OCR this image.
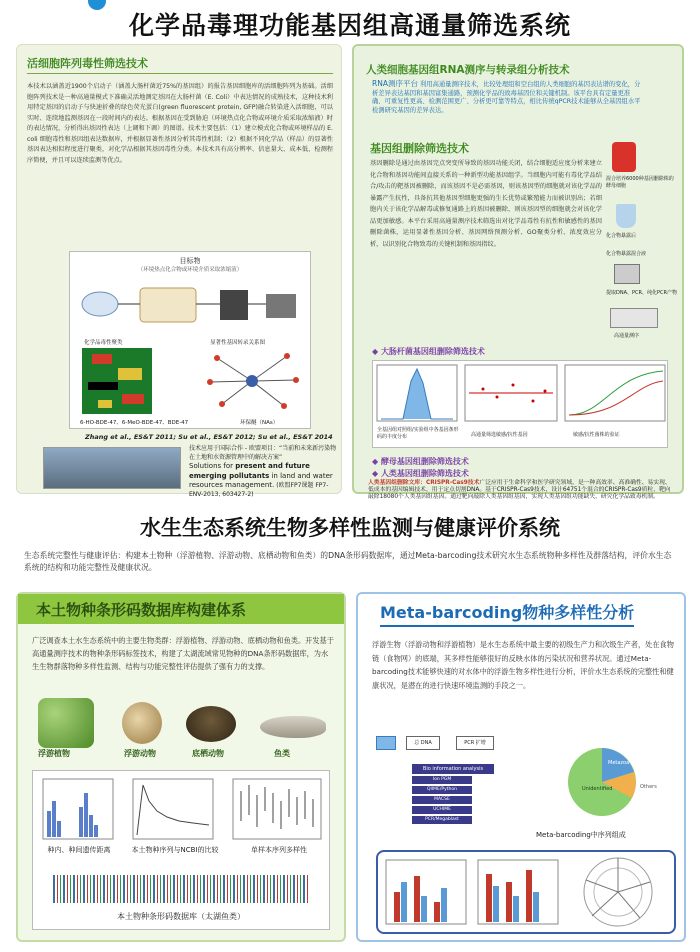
化学品毒理功能基因组高通量筛选系统
活细胞阵列毒性筛选技术
本技术以涵盖近1900个启动子（涵盖大肠杆菌近75%的基因组）的报告基因细胞库的活细胞阵列为基础。活细胞阵列技术是一种高通量模式下准确灵活地测定基因在大肠杆菌（E. Coli）中表达情况的成熟技术，这种技术利用特定基因的启动子与快速折叠的绿色荧光蛋白(green fluorescent protein, GFP)融合转染进入活细胞，可以实时、连续地监测基因在一段时间内的表达。根据基因在受到胁迫（环境热点化合物或环境介质采取浓缩液）时的表达情况，分析得出基因性表达（上调和下调）的图谱。技术主要包括：（1）建立模式化合物或环境样品的 E. coli 细胞毒性和基因组表达数据库，并根据显著性基因分析其毒性机制；（2）根据不同化学品（样品）的显著性基因表达相似程度进行聚类，对化学品根据其基因毒性分类。本技术具有高分辨率、信息量大、成本低、检测程序简便，并且可以连续监测等优点。
目标物
（环境热点化合物或环境介质采取浓缩液）
化学品毒性聚类	显著性基因转录关系图
6-HO-BDE-47、6-MeO-BDE-47、BDE-47	环保醚（NAs）
Zhang et al., ES&T 2011; Su et al., ES&T 2012; Su et al., ES&T 2014
技术应用于国际合作 - 欧盟项目：“当前和未来新污染物在土地和水资源管理中的解决方案”
Solutions for present and future emerging pollutants in land and water resources management. (欧盟FP7课题 FP7-ENV-2013, 603427-2)
人类细胞基因组RNA测序与转录组分析技术
RNA测序平台 利用高通量测序技术，比较处理组和空白组的人类细胞的基因表达谱的变化，分析差异表达基因和基因富集通路，预测化学品的致毒基因位和关键机制。该平台具有定量更准确、可重复性更高、检测范围更广、分析更可靠等特点，相比传统qPCR技术能够从全基因组水平检测研究基因的差异表达。
基因组删除筛选技术
基因删除是通过由基因完点突变所导致的基因功能关闭，结合细胞适应度分析来建立化合物和基因功能间直接关系的一种新型功能基因组学。当细胞内可能有毒化学品结合/攻击的靶基因被删除，而该基因不是必需基因，则该基因型的细胞就对该化学品的暴露产生抗性，具备抗其他基因型细胞更强的生长优势或繁殖能力而被识别出；若细胞内关于该化学品解毒或修复通路上的基因被删除，则该基因型的细胞就会对该化学品更加敏感。本平台采用高通量测序技术筛选出对化学品毒性有抗性和敏感性的基因删除菌株，运用显著性基因分析、基因网络预测分析、GO聚类分析、浓度效应分析，以识别化合物致毒的关键机制和基因指纹。
混合培养6000种基因删除株的酵母细胞
化合物暴露后
化合物暴露混合液
提取DNA、PCR、纯化PCR产物
高通量测序
◆ 大肠杆菌基因组删除筛选技术
全基因组对照组/实验组中各基因条形码的丰度分布	高通量筛选敏感/抗性基因	敏感/抗性菌株的验证
◆ 酵母基因组删除筛选技术
◆ 人类基因组删除筛选技术
人类基因组删除文库：CRISPR-Cas9技术广泛应用于生命科学和医学研究领域，是一种高效率、高准确性、易实现、低成本的基因编辑技术，用于定点切割DNA。基于CRISPR-Cas9技术，设计64751个混合的CRISPR-Cas9质粒，靶向敲除18080个人类基因组基因。通过靶向敲除人类基因组基因，实现人类基因组功能缺失，研究化学品致毒机制。
水生生态系统生物多样性监测与健康评价系统
生态系统完整性与健康评估：构建本土物种（浮游植物、浮游动物、底栖动物和鱼类）的DNA条形码数据库，通过Meta-barcoding技术研究水生态系统物种多样性及群落结构，评价水生态系统的结构和功能完整性及健康状况。
本土物种条形码数据库构建体系
广泛调查本土水生态系统中的主要生物类群：浮游植物、浮游动物、底栖动物和鱼类。开发基于高通量测序技术的物种条形码标签技术，构建了太湖流域常见物种的DNA条形码数据库，为水生生物群落物种多样性监测、结构与功能完整性评估提供了强有力的支撑。
浮游植物	浮游动物	底栖动物	鱼类
种内、种间遗传距离	本土物种序列与NCBI的比较	单样本序列多样性
本土物种条形码数据库（太湖鱼类）
Meta-barcoding物种多样性分析
浮游生物（浮游动物和浮游植物）是水生态系统中最主要的初级生产力和次级生产者，处在食物链（食物网）的底端，其多样性能够很好的反映水体的污染状况和营养状况。通过Meta-barcoding技术能够快速的对水体中的浮游生物多样性进行分析，评价水生态系统的完整性和健康状况，是潜在的进行快速环境监测的手段之一。
总 DNA	PCR 扩增
Bio information analysis
Ion PGM
QIIME/Python
MACSE
UCHIME
PCR/Megablast
Metazoa
Unidentified	Others
Meta-barcoding中序列组成
